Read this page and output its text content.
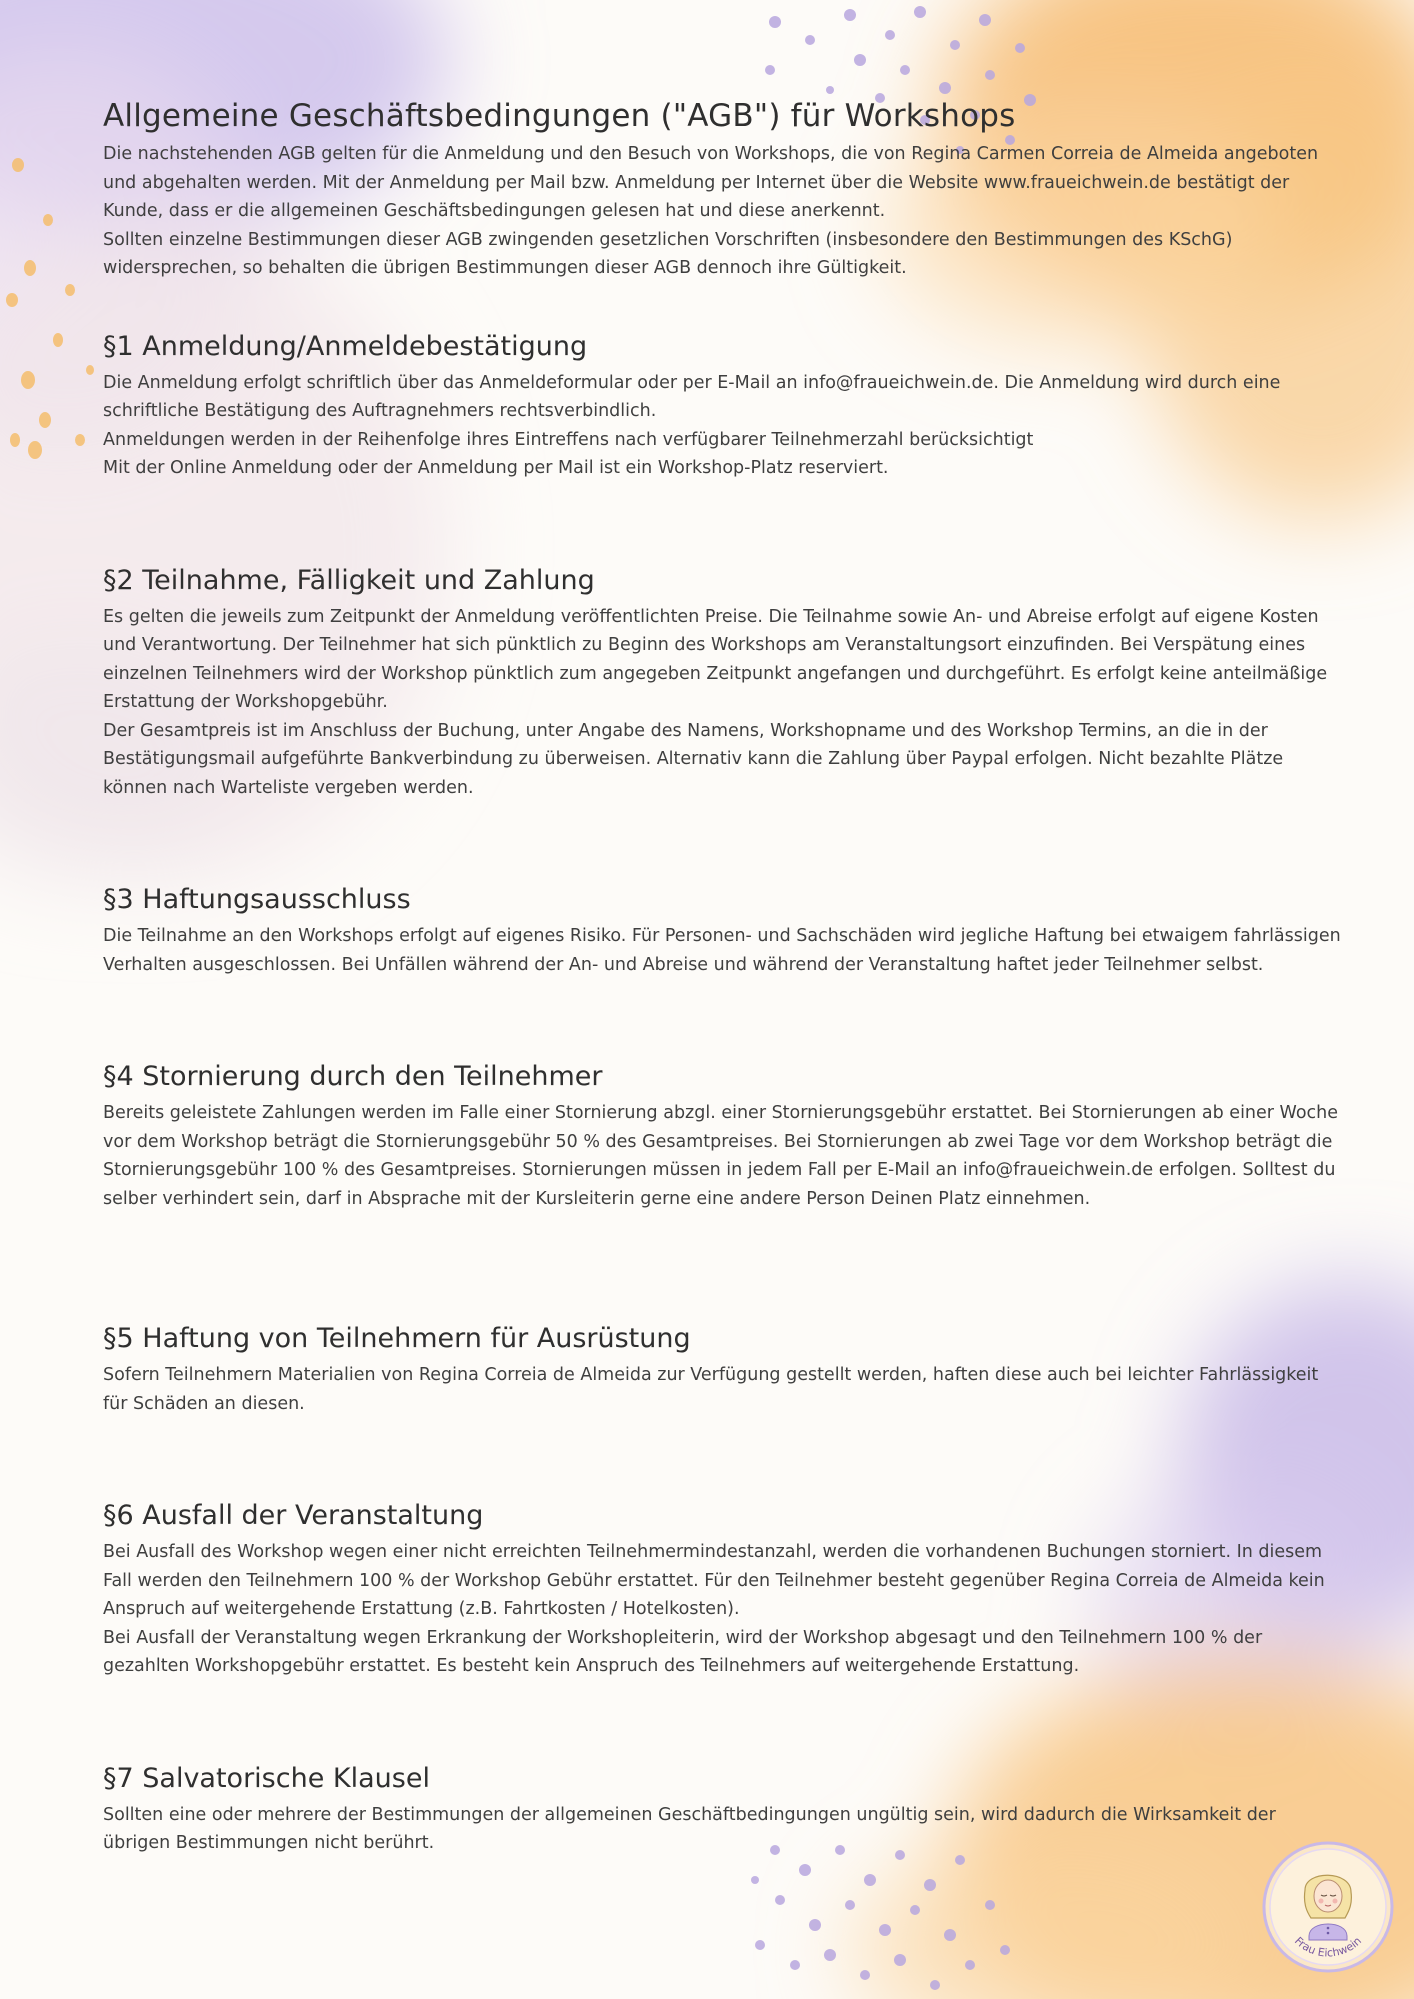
Allgemeine Geschäftsbedingungen ("AGB") für Workshops

Die nachstehenden AGB gelten für die Anmeldung und den Besuch von Workshops, die von Regina Carmen Correia de Almeida angeboten und abgehalten werden. Mit der Anmeldung per Mail bzw. Anmeldung per Internet über die Website www.fraueichwein.de bestätigt der Kunde, dass er die allgemeinen Geschäftsbedingungen gelesen hat und diese anerkennt.

Sollten einzelne Bestimmungen dieser AGB zwingenden gesetzlichen Vorschriften (insbesondere den Bestimmungen des KSchG) widersprechen, so behalten die übrigen Bestimmungen dieser AGB dennoch ihre Gültigkeit.

§1 Anmeldung/Anmeldebestätigung

Die Anmeldung erfolgt schriftlich über das Anmeldeformular oder per E-Mail an info@fraueichwein.de. Die Anmeldung wird durch eine schriftliche Bestätigung des Auftragnehmers rechtsverbindlich.

Anmeldungen werden in der Reihenfolge ihres Eintreffens nach verfügbarer Teilnehmerzahl berücksichtigt

Mit der Online Anmeldung oder der Anmeldung per Mail ist ein Workshop-Platz reserviert.

§2 Teilnahme, Fälligkeit und Zahlung

Es gelten die jeweils zum Zeitpunkt der Anmeldung veröffentlichten Preise. Die Teilnahme sowie An- und Abreise erfolgt auf eigene Kosten und Verantwortung. Der Teilnehmer hat sich pünktlich zu Beginn des Workshops am Veranstaltungsort einzufinden. Bei Verspätung eines einzelnen Teilnehmers wird der Workshop pünktlich zum angegeben Zeitpunkt angefangen und durchgeführt. Es erfolgt keine anteilmäßige Erstattung der Workshopgebühr.

Der Gesamtpreis ist im Anschluss der Buchung, unter Angabe des Namens, Workshopname und des Workshop Termins, an die in der Bestätigungsmail aufgeführte Bankverbindung zu überweisen. Alternativ kann die Zahlung über Paypal erfolgen. Nicht bezahlte Plätze können nach Warteliste vergeben werden.

§3 Haftungsausschluss

Die Teilnahme an den Workshops erfolgt auf eigenes Risiko. Für Personen- und Sachschäden wird jegliche Haftung bei etwaigem fahrlässigen Verhalten ausgeschlossen. Bei Unfällen während der An- und Abreise und während der Veranstaltung haftet jeder Teilnehmer selbst.

§4 Stornierung durch den Teilnehmer

Bereits geleistete Zahlungen werden im Falle einer Stornierung abzgl. einer Stornierungsgebühr erstattet. Bei Stornierungen ab einer Woche vor dem Workshop beträgt die Stornierungsgebühr 50 % des Gesamtpreises. Bei Stornierungen ab zwei Tage vor dem Workshop beträgt die Stornierungsgebühr 100 % des Gesamtpreises. Stornierungen müssen in jedem Fall per E-Mail an info@fraueichwein.de erfolgen. Solltest du selber verhindert sein, darf in Absprache mit der Kursleiterin gerne eine andere Person Deinen Platz einnehmen.

§5 Haftung von Teilnehmern für Ausrüstung

Sofern Teilnehmern Materialien von Regina Correia de Almeida zur Verfügung gestellt werden, haften diese auch bei leichter Fahrlässigkeit für Schäden an diesen.

§6 Ausfall der Veranstaltung

Bei Ausfall des Workshop wegen einer nicht erreichten Teilnehmermindestanzahl, werden die vorhandenen Buchungen storniert. In diesem Fall werden den Teilnehmern 100 % der Workshop Gebühr erstattet. Für den Teilnehmer besteht gegenüber Regina Correia de Almeida kein Anspruch auf weitergehende Erstattung (z.B. Fahrtkosten / Hotelkosten).

Bei Ausfall der Veranstaltung wegen Erkrankung der Workshopleiterin, wird der Workshop abgesagt und den Teilnehmern 100 % der gezahlten Workshopgebühr erstattet. Es besteht kein Anspruch des Teilnehmers auf weitergehende Erstattung.

§7 Salvatorische Klausel

Sollten eine oder mehrere der Bestimmungen der allgemeinen Geschäftbedingungen ungültig sein, wird dadurch die Wirksamkeit der übrigen Bestimmungen nicht berührt.

Frau Eichwein
